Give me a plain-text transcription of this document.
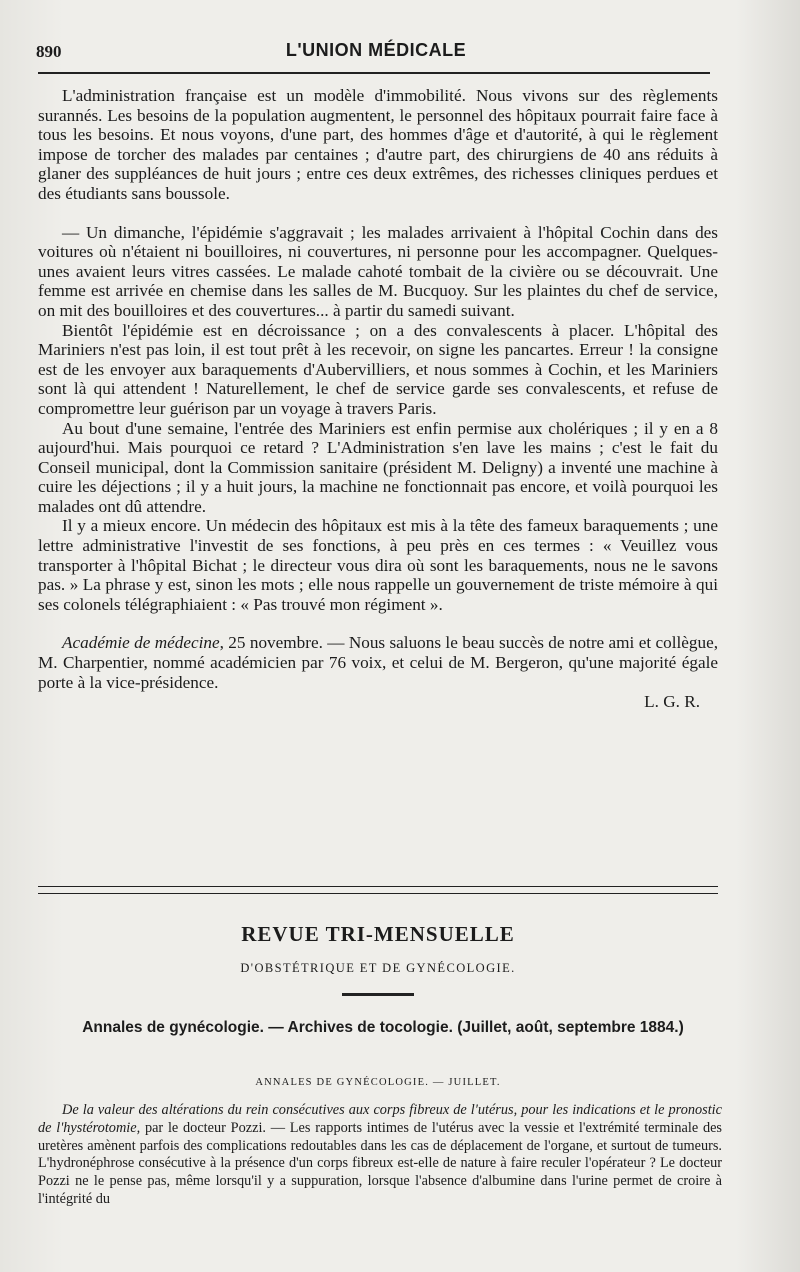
890	L'UNION MÉDICALE

L'administration française est un modèle d'immobilité. Nous vivons sur des règlements surannés. Les besoins de la population augmentent, le personnel des hôpitaux pourrait faire face à tous les besoins. Et nous voyons, d'une part, des hommes d'âge et d'autorité, à qui le règlement impose de torcher des malades par centaines ; d'autre part, des chirurgiens de 40 ans réduits à glaner des suppléances de huit jours ; entre ces deux extrêmes, des richesses cliniques perdues et des étudiants sans boussole.

— Un dimanche, l'épidémie s'aggravait ; les malades arrivaient à l'hôpital Cochin dans des voitures où n'étaient ni bouilloires, ni couvertures, ni personne pour les accompagner. Quelques-unes avaient leurs vitres cassées. Le malade cahoté tombait de la civière ou se découvrait. Une femme est arrivée en chemise dans les salles de M. Bucquoy. Sur les plaintes du chef de service, on mit des bouilloires et des couvertures... à partir du samedi suivant.

Bientôt l'épidémie est en décroissance ; on a des convalescents à placer. L'hôpital des Mariniers n'est pas loin, il est tout prêt à les recevoir, on signe les pancartes. Erreur ! la consigne est de les envoyer aux baraquements d'Aubervilliers, et nous sommes à Cochin, et les Mariniers sont là qui attendent ! Naturellement, le chef de service garde ses convalescents, et refuse de compromettre leur guérison par un voyage à travers Paris.

Au bout d'une semaine, l'entrée des Mariniers est enfin permise aux cholériques ; il y en a 8 aujourd'hui. Mais pourquoi ce retard ? L'Administration s'en lave les mains ; c'est le fait du Conseil municipal, dont la Commission sanitaire (président M. Deligny) a inventé une machine à cuire les déjections ; il y a huit jours, la machine ne fonctionnait pas encore, et voilà pourquoi les malades ont dû attendre.

Il y a mieux encore. Un médecin des hôpitaux est mis à la tête des fameux baraquements ; une lettre administrative l'investit de ses fonctions, à peu près en ces termes : « Veuillez vous transporter à l'hôpital Bichat ; le directeur vous dira où sont les baraquements, nous ne le savons pas. » La phrase y est, sinon les mots ; elle nous rappelle un gouvernement de triste mémoire à qui ses colonels télégraphiaient : « Pas trouvé mon régiment ».

Académie de médecine, 25 novembre. — Nous saluons le beau succès de notre ami et collègue, M. Charpentier, nommé académicien par 76 voix, et celui de M. Bergeron, qu'une majorité égale porte à la vice-présidence.

L. G. R.

REVUE TRI-MENSUELLE
D'OBSTÉTRIQUE ET DE GYNÉCOLOGIE.
Annales de gynécologie. — Archives de tocologie. (Juillet, août, septembre 1884.)
ANNALES DE GYNÉCOLOGIE. — JUILLET.

De la valeur des altérations du rein consécutives aux corps fibreux de l'utérus, pour les indications et le pronostic de l'hystérotomie, par le docteur Pozzi. — Les rapports intimes de l'utérus avec la vessie et l'extrémité terminale des uretères amènent parfois des complications redoutables dans les cas de déplacement de l'organe, et surtout de tumeurs. L'hydronéphrose consécutive à la présence d'un corps fibreux est-elle de nature à faire reculer l'opérateur ? Le docteur Pozzi ne le pense pas, même lorsqu'il y a suppuration, lorsque l'absence d'albumine dans l'urine permet de croire à l'intégrité du
